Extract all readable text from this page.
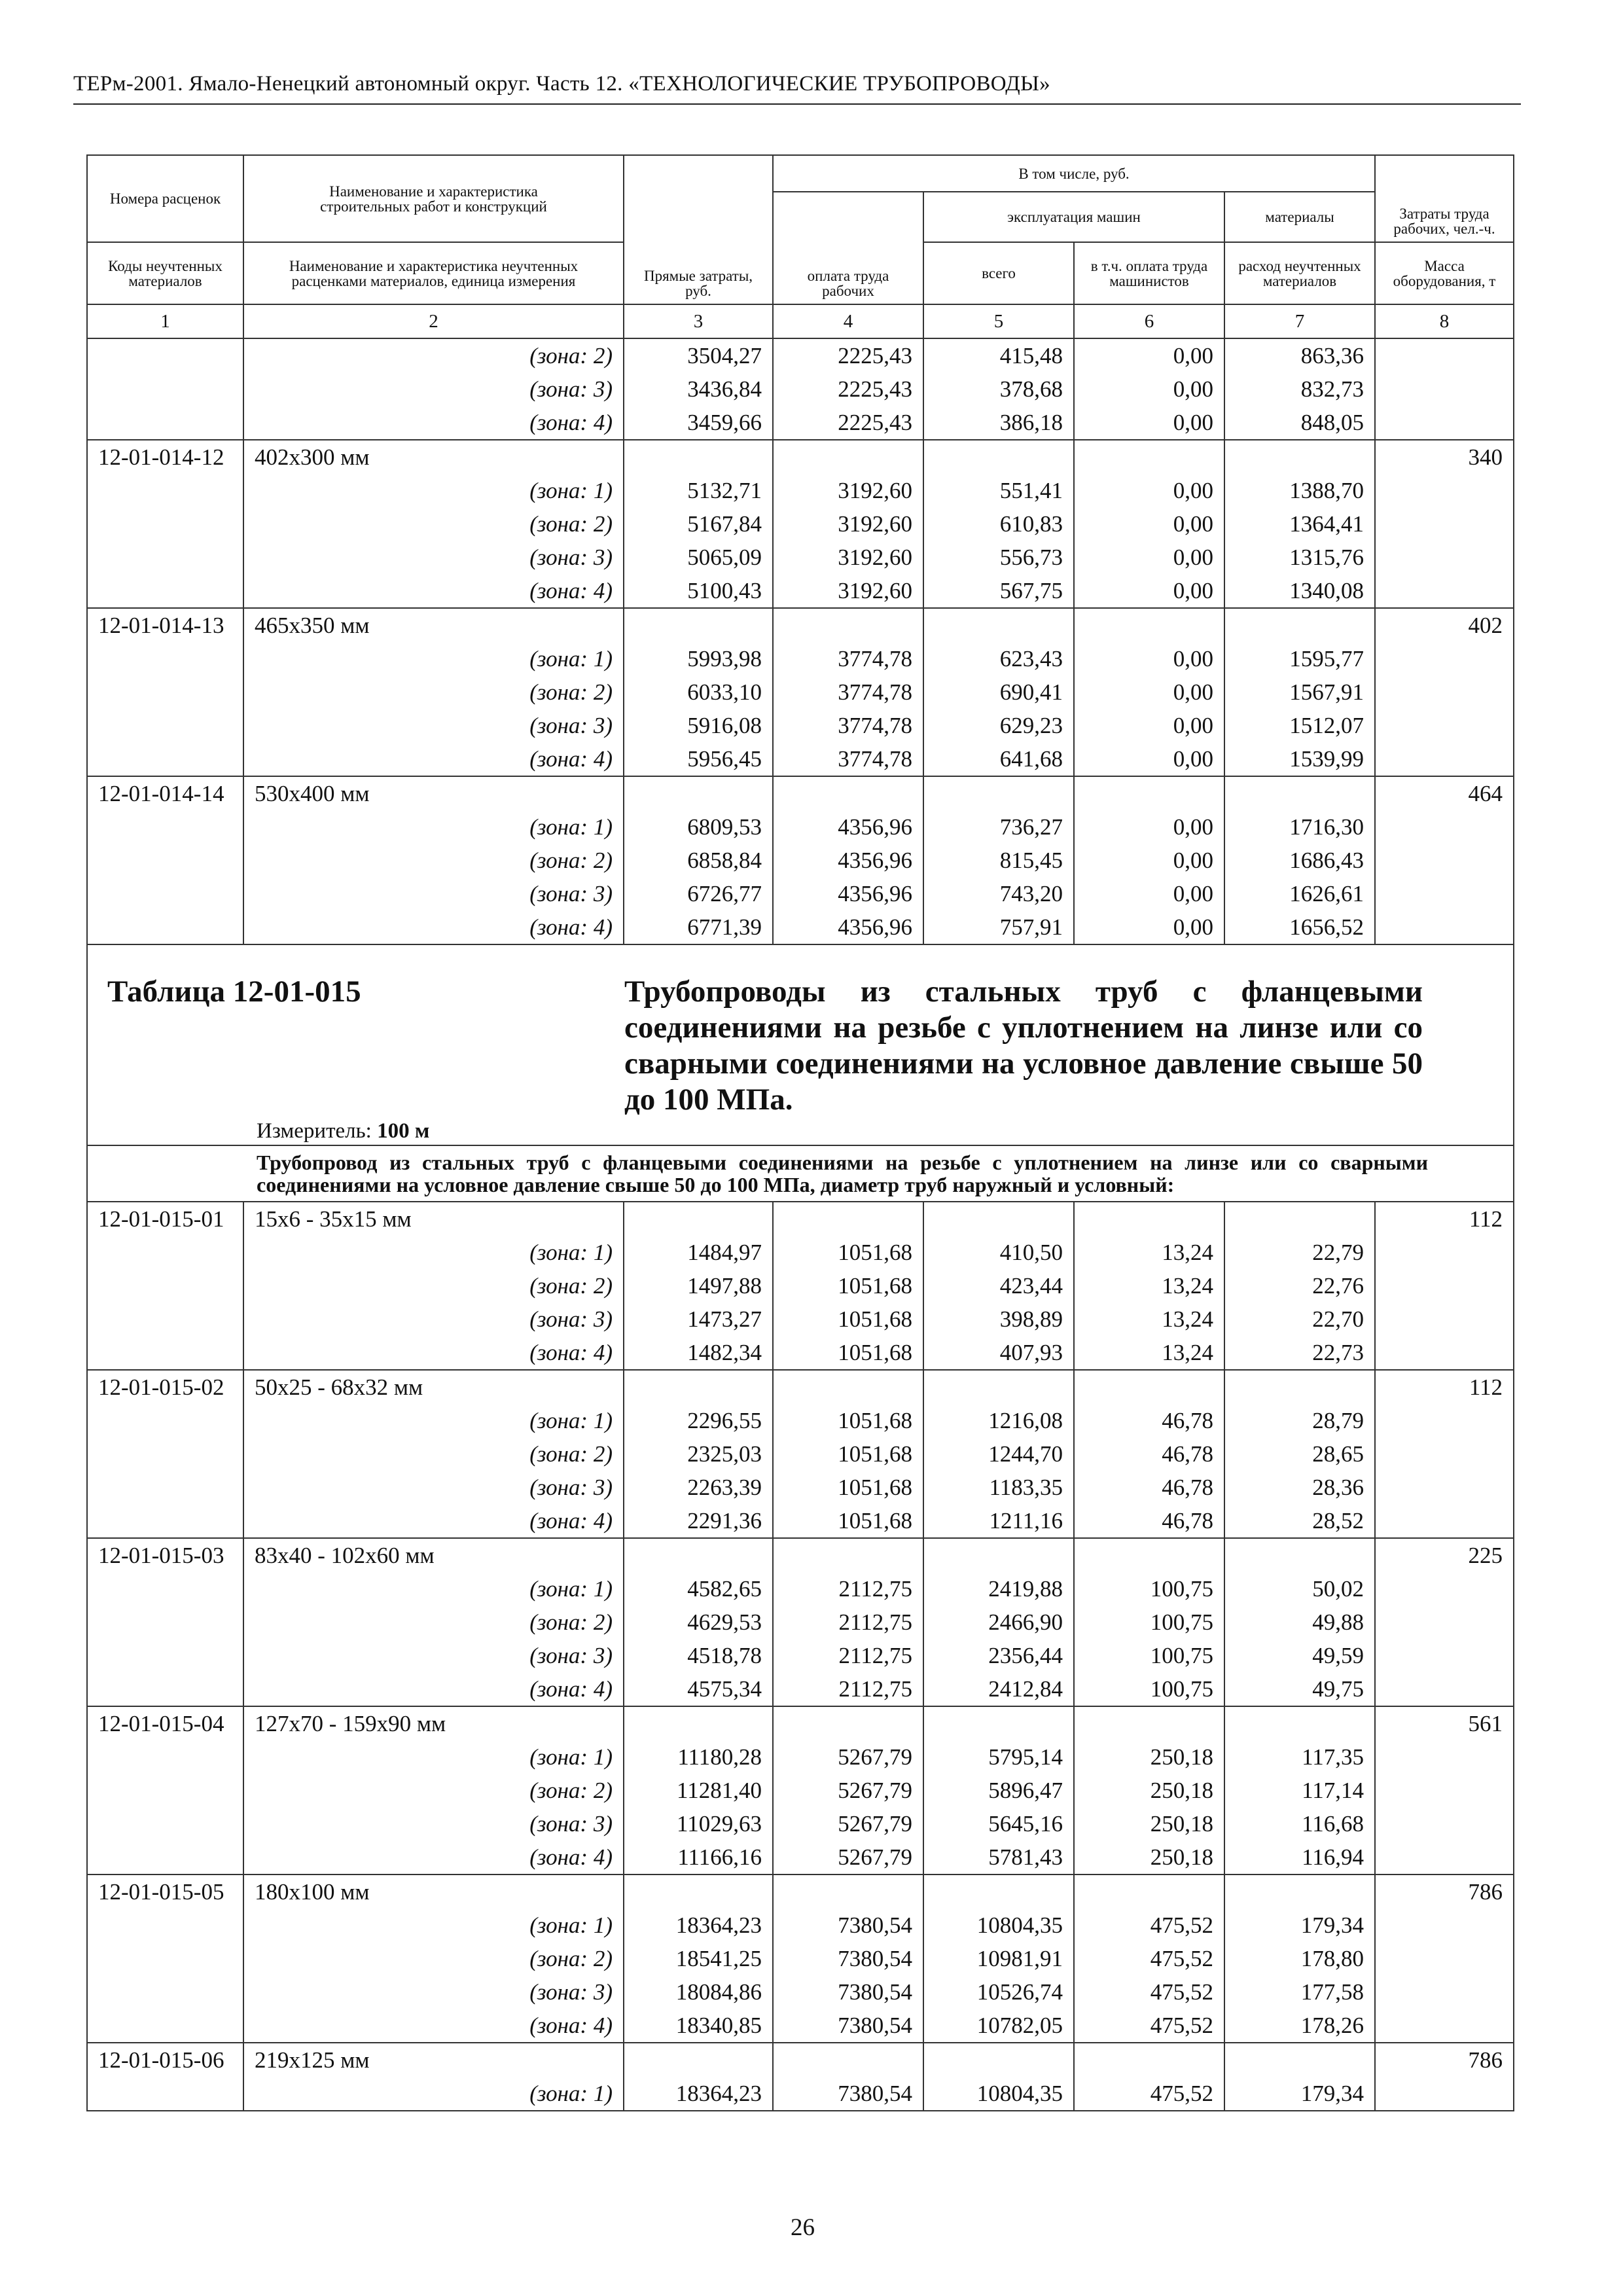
ТЕРм-2001. Ямало-Ненецкий автономный округ. Часть 12. «ТЕХНОЛОГИЧЕСКИЕ ТРУБОПРОВОДЫ»
Номера расценок	Наименование и характеристика строительных работ и конструкций	Прямые затраты, руб.	В том числе, руб.				Затраты труда рабочих, чел.-ч.
			оплата труда рабочих	эксплуатация машин		материалы	
Коды неучтенных материалов	Наименование и характеристика неучтенных расценками материалов, единица измерения			всего	в т.ч. оплата труда машинистов	расход неучтенных материалов	Масса оборудования, т
1	2	3	4	5	6	7	8
	(зона: 2)	3504,27	2225,43	415,48	0,00	863,36	
	(зона: 3)	3436,84	2225,43	378,68	0,00	832,73	
	(зона: 4)	3459,66	2225,43	386,18	0,00	848,05	
12-01-014-12	402х300 мм						340
	(зона: 1)	5132,71	3192,60	551,41	0,00	1388,70	
	(зона: 2)	5167,84	3192,60	610,83	0,00	1364,41	
	(зона: 3)	5065,09	3192,60	556,73	0,00	1315,76	
	(зона: 4)	5100,43	3192,60	567,75	0,00	1340,08	
12-01-014-13	465х350 мм						402
	(зона: 1)	5993,98	3774,78	623,43	0,00	1595,77	
	(зона: 2)	6033,10	3774,78	690,41	0,00	1567,91	
	(зона: 3)	5916,08	3774,78	629,23	0,00	1512,07	
	(зона: 4)	5956,45	3774,78	641,68	0,00	1539,99	
12-01-014-14	530х400 мм						464
	(зона: 1)	6809,53	4356,96	736,27	0,00	1716,30	
	(зона: 2)	6858,84	4356,96	815,45	0,00	1686,43	
	(зона: 3)	6726,77	4356,96	743,20	0,00	1626,61	
	(зона: 4)	6771,39	4356,96	757,91	0,00	1656,52	

Таблица 12-01-015 Трубопроводы из стальных труб с фланцевыми соединениями на резьбе с уплотнением на линзе или со сварными соединениями на условное давление свыше 50 до 100 МПа.
Измеритель: 100 м							

Трубопровод из стальных труб с фланцевыми соединениями на резьбе с уплотнением на линзе или со сварными соединениями на условное давление свыше 50 до 100 МПа, диаметр труб наружный и условный:							
12-01-015-01	15х6 - 35х15 мм						112
	(зона: 1)	1484,97	1051,68	410,50	13,24	22,79	
	(зона: 2)	1497,88	1051,68	423,44	13,24	22,76	
	(зона: 3)	1473,27	1051,68	398,89	13,24	22,70	
	(зона: 4)	1482,34	1051,68	407,93	13,24	22,73	
12-01-015-02	50х25 - 68х32 мм						112
	(зона: 1)	2296,55	1051,68	1216,08	46,78	28,79	
	(зона: 2)	2325,03	1051,68	1244,70	46,78	28,65	
	(зона: 3)	2263,39	1051,68	1183,35	46,78	28,36	
	(зона: 4)	2291,36	1051,68	1211,16	46,78	28,52	
12-01-015-03	83х40 - 102х60 мм						225
	(зона: 1)	4582,65	2112,75	2419,88	100,75	50,02	
	(зона: 2)	4629,53	2112,75	2466,90	100,75	49,88	
	(зона: 3)	4518,78	2112,75	2356,44	100,75	49,59	
	(зона: 4)	4575,34	2112,75	2412,84	100,75	49,75	
12-01-015-04	127х70 - 159х90 мм						561
	(зона: 1)	11180,28	5267,79	5795,14	250,18	117,35	
	(зона: 2)	11281,40	5267,79	5896,47	250,18	117,14	
	(зона: 3)	11029,63	5267,79	5645,16	250,18	116,68	
	(зона: 4)	11166,16	5267,79	5781,43	250,18	116,94	
12-01-015-05	180х100 мм						786
	(зона: 1)	18364,23	7380,54	10804,35	475,52	179,34	
	(зона: 2)	18541,25	7380,54	10981,91	475,52	178,80	
	(зона: 3)	18084,86	7380,54	10526,74	475,52	177,58	
	(зона: 4)	18340,85	7380,54	10782,05	475,52	178,26	
12-01-015-06	219х125 мм						786
	(зона: 1)	18364,23	7380,54	10804,35	475,52	179,34	
26
